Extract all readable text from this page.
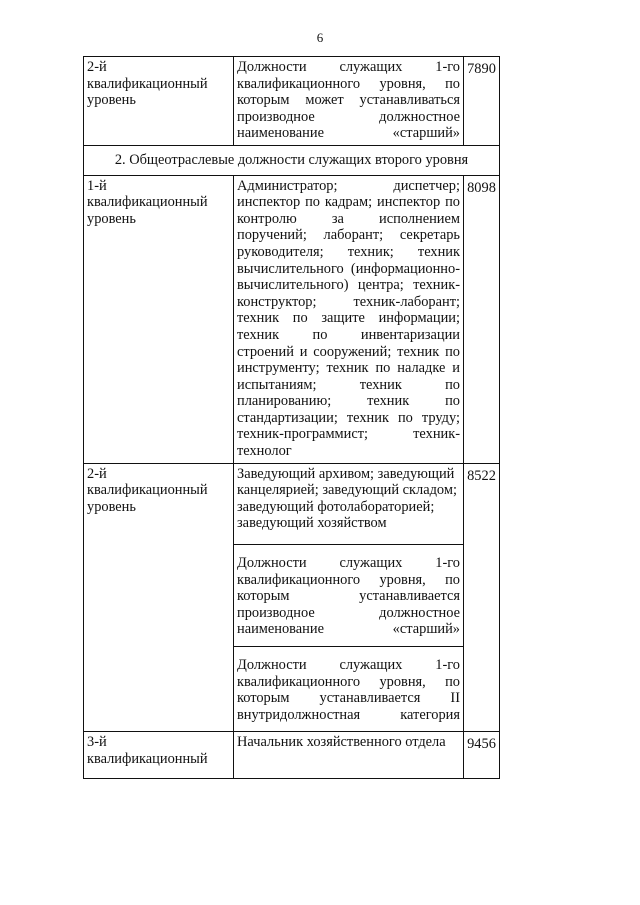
6
2-й квалификационный уровень	Должности служащих 1-го квалификационного уровня, по которым может устанавливаться производное должностное наименование «старший»	7890
2. Общеотраслевые должности служащих второго уровня		
1-й квалификационный уровень	Администратор; диспетчер; инспектор по кадрам; инспектор по контролю за исполнением поручений; лаборант; секретарь руководителя; техник; техник вычислительного (информационно-вычислительного) центра; техник-конструктор; техник-лаборант; техник по защите информации; техник по инвентаризации строений и сооружений; техник по инструменту; техник по наладке и испытаниям; техник по планированию; техник по стандартизации; техник по труду; техник-программист; техник-технолог	8098
2-й квалификационный уровень	Заведующий архивом; заведующий канцелярией; заведующий складом; заведующий фотолабораторией; заведующий хозяйством	8522
	Должности служащих 1-го квалификационного уровня, по которым устанавливается производное должностное наименование «старший»	
	Должности служащих 1-го квалификационного уровня, по которым устанавливается II внутридолжностная категория	
3-й квалификационный	Начальник хозяйственного отдела	9456
